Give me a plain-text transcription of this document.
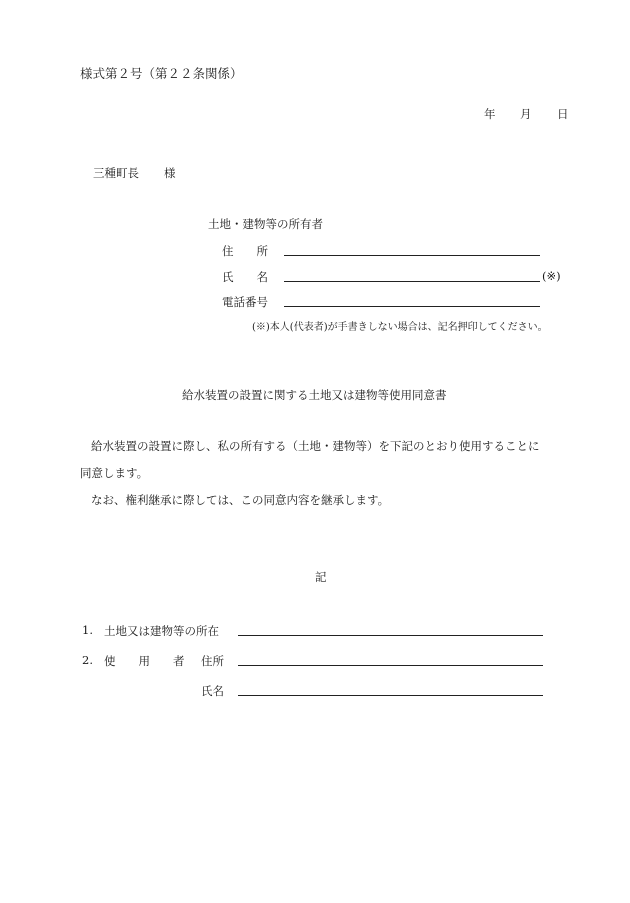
様式第２号（第２２条関係）
年 月 日
三種町長 様
土地・建物等の所有者
住　　所
氏　　名	(※)
電話番号
(※)本人(代表者)が手書きしない場合は、記名押印してください。
給水装置の設置に関する土地又は建物等使用同意書
給水装置の設置に際し、私の所有する（土地・建物等）を下記のとおり使用することに
同意します。
なお、権利継承に際しては、この同意内容を継承します。
記
1. 土地又は建物等の所在
2. 使　　用　　者 住所
氏名
